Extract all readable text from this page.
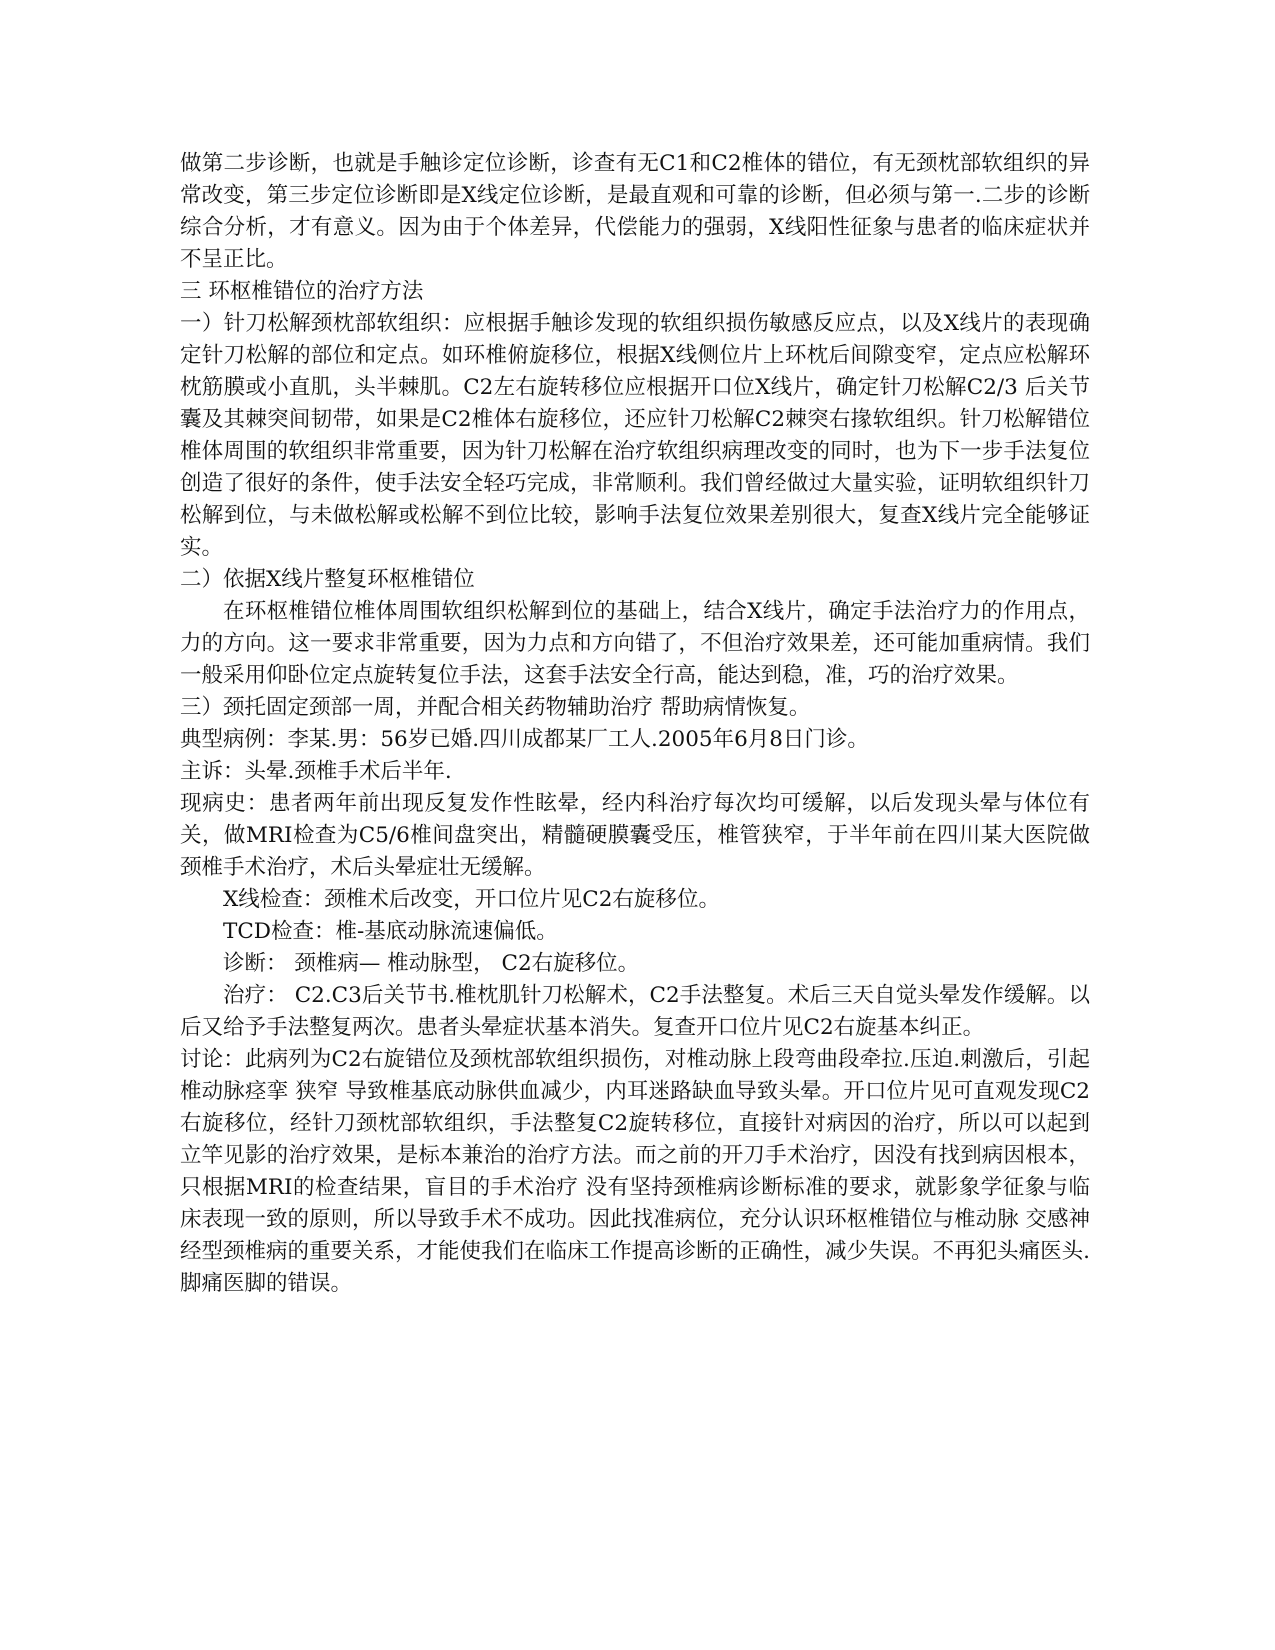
做第二步诊断，也就是手触诊定位诊断，诊查有无C1和C2椎体的错位，有无颈枕部软组织的异常改变，第三步定位诊断即是X线定位诊断，是最直观和可靠的诊断，但必须与第一.二步的诊断综合分析，才有意义。因为由于个体差异，代偿能力的强弱，X线阳性征象与患者的临床症状并不呈正比。

三 环枢椎错位的治疗方法

一）针刀松解颈枕部软组织：应根据手触诊发现的软组织损伤敏感反应点，以及X线片的表现确定针刀松解的部位和定点。如环椎俯旋移位，根据X线侧位片上环枕后间隙变窄，定点应松解环枕筋膜或小直肌，头半棘肌。C2左右旋转移位应根据开口位X线片，确定针刀松解C2/3 后关节囊及其棘突间韧带，如果是C2椎体右旋移位，还应针刀松解C2棘突右掾软组织。针刀松解错位椎体周围的软组织非常重要，因为针刀松解在治疗软组织病理改变的同时，也为下一步手法复位创造了很好的条件，使手法安全轻巧完成，非常顺利。我们曾经做过大量实验，证明软组织针刀松解到位，与未做松解或松解不到位比较，影响手法复位效果差别很大，复查X线片完全能够证实。

二）依据X线片整复环枢椎错位

在环枢椎错位椎体周围软组织松解到位的基础上，结合X线片，确定手法治疗力的作用点，力的方向。这一要求非常重要，因为力点和方向错了，不但治疗效果差，还可能加重病情。我们一般采用仰卧位定点旋转复位手法，这套手法安全行高，能达到稳，准，巧的治疗效果。

三）颈托固定颈部一周，并配合相关药物辅助治疗 帮助病情恢复。

典型病例：李某.男：56岁已婚.四川成都某厂工人.2005年6月8日门诊。

主诉：头晕.颈椎手术后半年.

现病史：患者两年前出现反复发作性眩晕，经内科治疗每次均可缓解，以后发现头晕与体位有关，做MRI检查为C5/6椎间盘突出，精髓硬膜囊受压，椎管狭窄，于半年前在四川某大医院做颈椎手术治疗，术后头晕症壮无缓解。

X线检查：颈椎术后改变，开口位片见C2右旋移位。

TCD检查：椎-基底动脉流速偏低。

诊断： 颈椎病— 椎动脉型， C2右旋移位。

治疗： C2.C3后关节书.椎枕肌针刀松解术，C2手法整复。术后三天自觉头晕发作缓解。以后又给予手法整复两次。患者头晕症状基本消失。复查开口位片见C2右旋基本纠正。

讨论：此病列为C2右旋错位及颈枕部软组织损伤，对椎动脉上段弯曲段牵拉.压迫.刺激后，引起椎动脉痉挛 狭窄 导致椎基底动脉供血减少，内耳迷路缺血导致头晕。开口位片见可直观发现C2右旋移位，经针刀颈枕部软组织，手法整复C2旋转移位，直接针对病因的治疗，所以可以起到立竿见影的治疗效果，是标本兼治的治疗方法。而之前的开刀手术治疗，因没有找到病因根本，只根据MRI的检查结果，盲目的手术治疗 没有坚持颈椎病诊断标准的要求，就影象学征象与临床表现一致的原则，所以导致手术不成功。因此找准病位，充分认识环枢椎错位与椎动脉 交感神经型颈椎病的重要关系，才能使我们在临床工作提高诊断的正确性，减少失误。不再犯头痛医头.脚痛医脚的错误。
